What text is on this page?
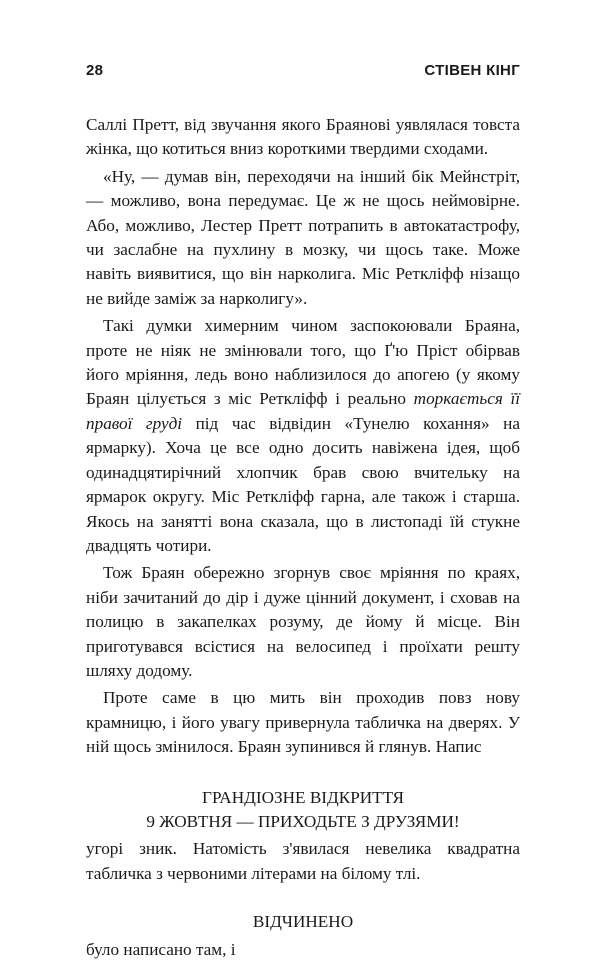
28	СТІВЕН КІНГ

Саллі Претт, від звучання якого Браянові уявлялася товста жінка, що котиться вниз короткими твердими сходами.

«Ну, — думав він, переходячи на інший бік Мейнстріт, — можливо, вона передумає. Це ж не щось неймовірне. Або, можливо, Лестер Претт потрапить в автокатастрофу, чи заслабне на пухлину в мозку, чи щось таке. Може навіть виявитися, що він нарколига. Міс Ретклiфф нізащо не вийде заміж за нарколигу».

Такі думки химерним чином заспокоювали Браяна, проте не ніяк не змінювали того, що Ґ'ю Пріст обірвав його мріяння, ледь воно наблизилося до апогею (у якому Браян цілується з міс Ретклiфф і реально торкається її правої груді під час відвідин «Тунелю кохання» на ярмарку). Хоча це все одно досить навіжена ідея, щоб одинадцятирічний хлопчик брав свою вчительку на ярмарок округу. Міс Ретклiфф гарна, але також і старша. Якось на занятті вона сказала, що в листопаді їй стукне двадцять чотири.

Тож Браян обережно згорнув своє мріяння по краях, ніби зачитаний до дір і дуже цінний документ, і сховав на полицю в закапелках розуму, де йому й місце. Він приготувався всістися на велосипед і проїхати решту шляху додому.

Проте саме в цю мить він проходив повз нову крамницю, і його увагу привернула табличка на дверях. У ній щось змінилося. Браян зупинився й глянув. Напис

ГРАНДІОЗНЕ ВІДКРИТТЯ
9 ЖОВТНЯ — ПРИХОДЬТЕ З ДРУЗЯМИ!

угорі зник. Натомість з'явилася невелика квадратна табличка з червоними літерами на білому тлі.

ВІДЧИНЕНО

було написано там, і
